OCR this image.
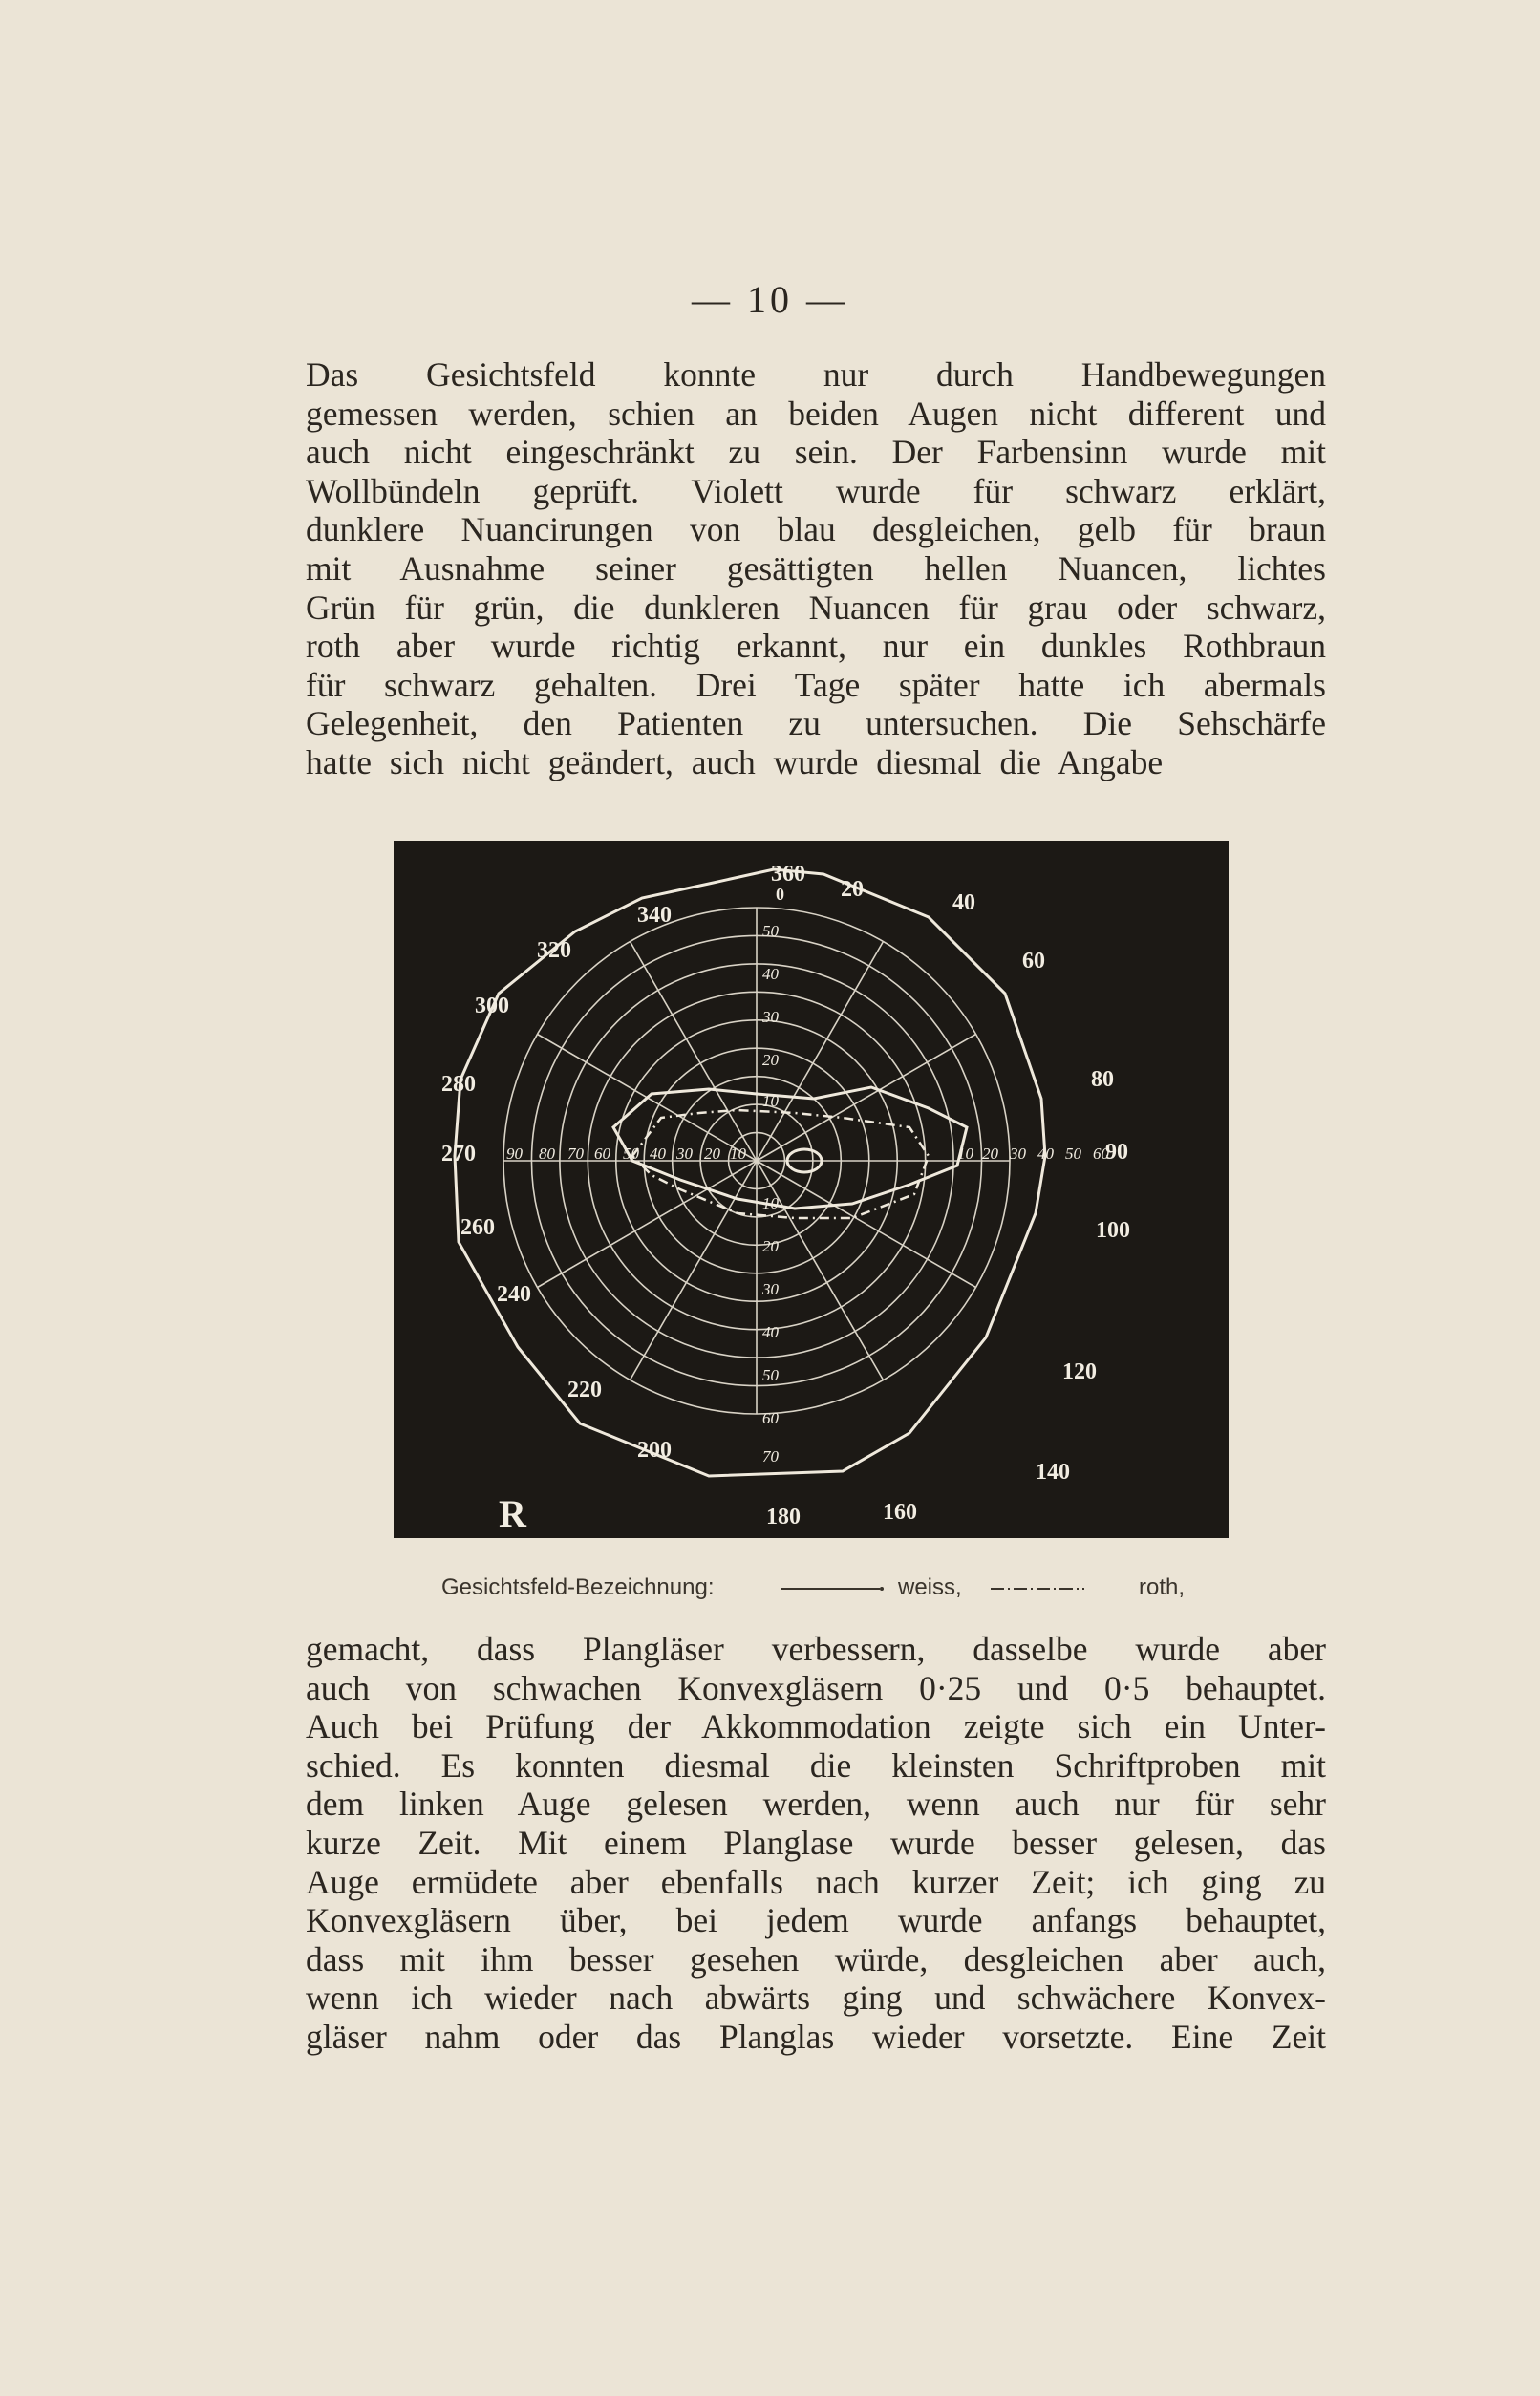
— 10 —
Das Gesichtsfeld konnte nur durch Handbewegungen
gemessen werden, schien an beiden Augen nicht different und
auch nicht eingeschränkt zu sein. Der Farbensinn wurde mit
Wollbündeln geprüft. Violett wurde für schwarz erklärt,
dunklere Nuancirungen von blau desgleichen, gelb für braun
mit Ausnahme seiner gesättigten hellen Nuancen, lichtes
Grün für grün, die dunkleren Nuancen für grau oder schwarz,
roth aber wurde richtig erkannt, nur ein dunkles Rothbraun
für schwarz gehalten. Drei Tage später hatte ich abermals
Gelegenheit, den Patienten zu untersuchen. Die Sehschärfe
hatte sich nicht geändert, auch wurde diesmal die Angabe
360
0 20
40
60
80
90
100
120
140
160
180
200
220
240
260
270
280
300
320
340
50
40
30
20
10
10
20
30
40
50
60
70
10
20
30
40
50
60
70
80
90	10 20 30 40 50 60
R
Gesichtsfeld-Bezeichnung:	weiss,	roth,
gemacht, dass Plangläser verbessern, dasselbe wurde aber
auch von schwachen Konvexgläsern 0·25 und 0·5 behauptet.
Auch bei Prüfung der Akkommodation zeigte sich ein Unter-
schied. Es konnten diesmal die kleinsten Schriftproben mit
dem linken Auge gelesen werden, wenn auch nur für sehr
kurze Zeit. Mit einem Planglase wurde besser gelesen, das
Auge ermüdete aber ebenfalls nach kurzer Zeit; ich ging zu
Konvexgläsern über, bei jedem wurde anfangs behauptet,
dass mit ihm besser gesehen würde, desgleichen aber auch,
wenn ich wieder nach abwärts ging und schwächere Konvex-
gläser nahm oder das Planglas wieder vorsetzte. Eine Zeit
